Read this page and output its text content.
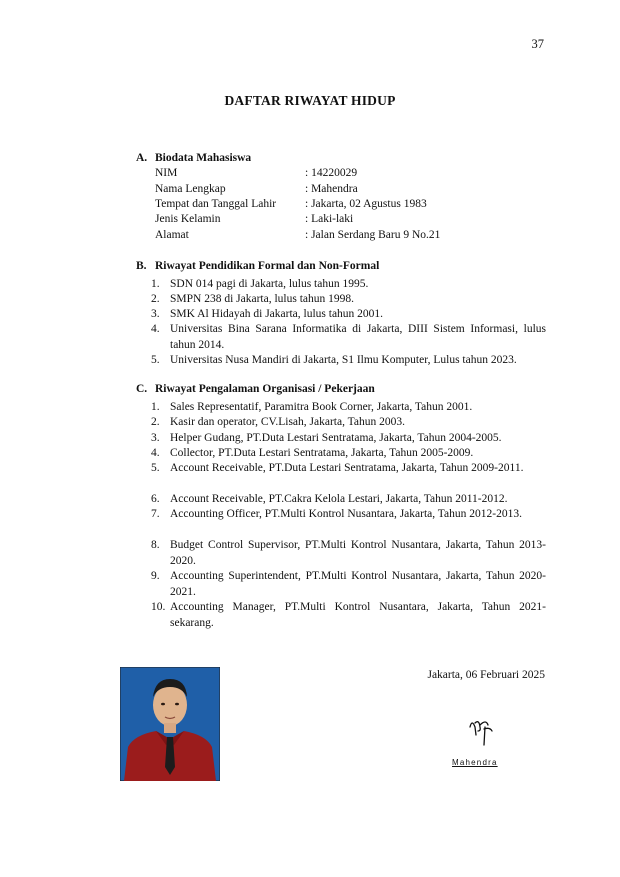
37
DAFTAR RIWAYAT HIDUP
A. Biodata Mahasiswa
NIM	: 14220029
Nama Lengkap	: Mahendra
Tempat dan Tanggal Lahir	: Jakarta, 02 Agustus 1983
Jenis Kelamin	: Laki-laki
Alamat	: Jalan Serdang Baru 9 No.21
B. Riwayat Pendidikan Formal dan Non-Formal
1. SDN 014 pagi di Jakarta, lulus tahun 1995.
2. SMPN 238 di Jakarta, lulus tahun 1998.
3. SMK Al Hidayah di Jakarta, lulus tahun 2001.
4. Universitas Bina Sarana Informatika di Jakarta, DIII Sistem Informasi, lulus tahun 2014.
5. Universitas Nusa Mandiri di Jakarta, S1 Ilmu Komputer, Lulus tahun 2023.
C. Riwayat Pengalaman Organisasi / Pekerjaan
1. Sales Representatif, Paramitra Book Corner, Jakarta, Tahun 2001.
2. Kasir dan operator, CV.Lisah, Jakarta, Tahun 2003.
3. Helper Gudang, PT.Duta Lestari Sentratama, Jakarta, Tahun 2004-2005.
4. Collector, PT.Duta Lestari Sentratama, Jakarta, Tahun 2005-2009.
5. Account Receivable, PT.Duta Lestari Sentratama, Jakarta, Tahun 2009-2011.
6. Account Receivable, PT.Cakra Kelola Lestari, Jakarta, Tahun 2011-2012.
7. Accounting Officer, PT.Multi Kontrol Nusantara, Jakarta, Tahun 2012-2013.
8. Budget Control Supervisor, PT.Multi Kontrol Nusantara, Jakarta, Tahun 2013-2020.
9. Accounting Superintendent, PT.Multi Kontrol Nusantara, Jakarta, Tahun 2020-2021.
10. Accounting Manager, PT.Multi Kontrol Nusantara, Jakarta, Tahun 2021-sekarang.
Jakarta, 06 Februari 2025
Mahendra
